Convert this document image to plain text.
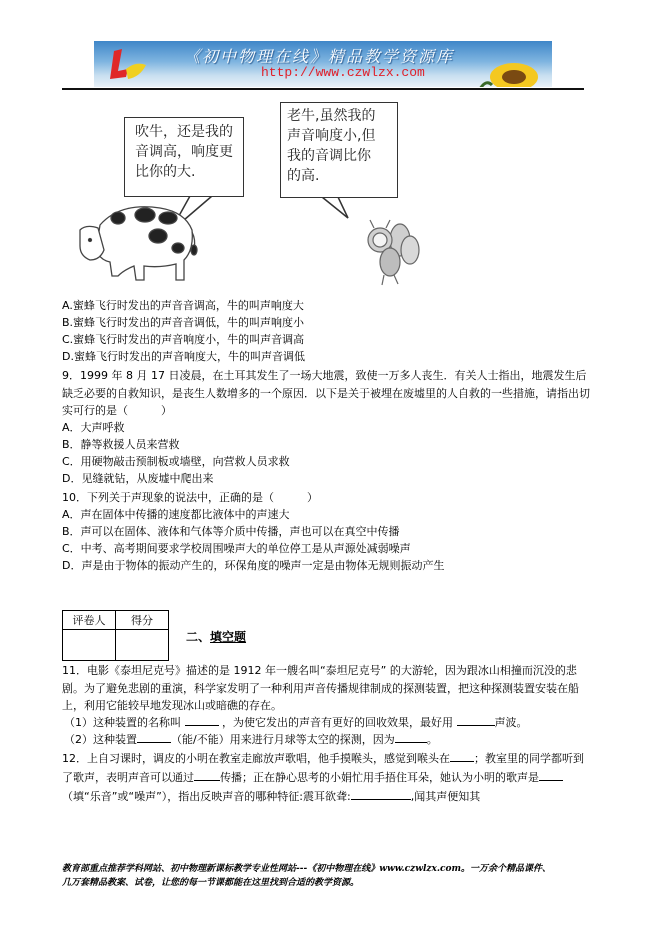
《初中物理在线》精品教学资源库
http://www.czwlzx.com
吹牛，还是我的
音调高，响度更
比你的大.
老牛,虽然我的
声音响度小,但
我的音调比你
的高.
A.蜜蜂飞行时发出的声音音调高，牛的叫声响度大
B.蜜蜂飞行时发出的声音音调低，牛的叫声响度小
C.蜜蜂飞行时发出的声音响度小，牛的叫声音调高
D.蜜蜂飞行时发出的声音响度大，牛的叫声音调低
9．1999 年 8 月 17 日凌晨，在土耳其发生了一场大地震，致使一万多人丧生．有关人士指出，地震发生后缺乏必要的自救知识，是丧生人数增多的一个原因．以下是关于被埋在废墟里的人自救的一些措施，请指出切实可行的是（　　　）
A．大声呼救
B．静等救援人员来营救
C．用硬物敲击预制板或墙壁，向营救人员求救
D．见缝就钻，从废墟中爬出来
10．下列关于声现象的说法中，正确的是（　　　）
A．声在固体中传播的速度都比液体中的声速大
B．声可以在固体、液体和气体等介质中传播，声也可以在真空中传播
C．中考、高考期间要求学校周围噪声大的单位停工是从声源处减弱噪声
D．声是由于物体的振动产生的，环保角度的噪声一定是由物体无规则振动产生
评卷人	得分

二、填空题
11．电影《泰坦尼克号》描述的是 1912 年一艘名叫“泰坦尼克号” 的大游轮，因为跟冰山相撞而沉没的悲剧。为了避免悲剧的重演，科学家发明了一种利用声音传播规律制成的探测装置，把这种探测装置安装在船上，利用它能较早地发现冰山或暗礁的存在。
（1）这种装置的名称叫	，为使它发出的声音有更好的回收效果，最好用	声波。
（2）这种装置	（能/不能）用来进行月球等太空的探测，因为	。
12．上自习课时，调皮的小明在教室走廊放声歌唱，他手摸喉头，感觉到喉头在 ；教室里的同学都听到了歌声，表明声音可以通过 传播；正在静心思考的小娟忙用手捂住耳朵，她认为小明的歌声是（填“乐音”或“噪声”），指出反映声音的哪种特征:震耳欲聋:	,闻其声便知其
教育部重点推荐学科网站、初中物理新课标教学专业性网站---《初中物理在线》www.czwlzx.com。一万余个精品课件、
几万套精品教案、试卷，让您的每一节课都能在这里找到合适的教学资源。
